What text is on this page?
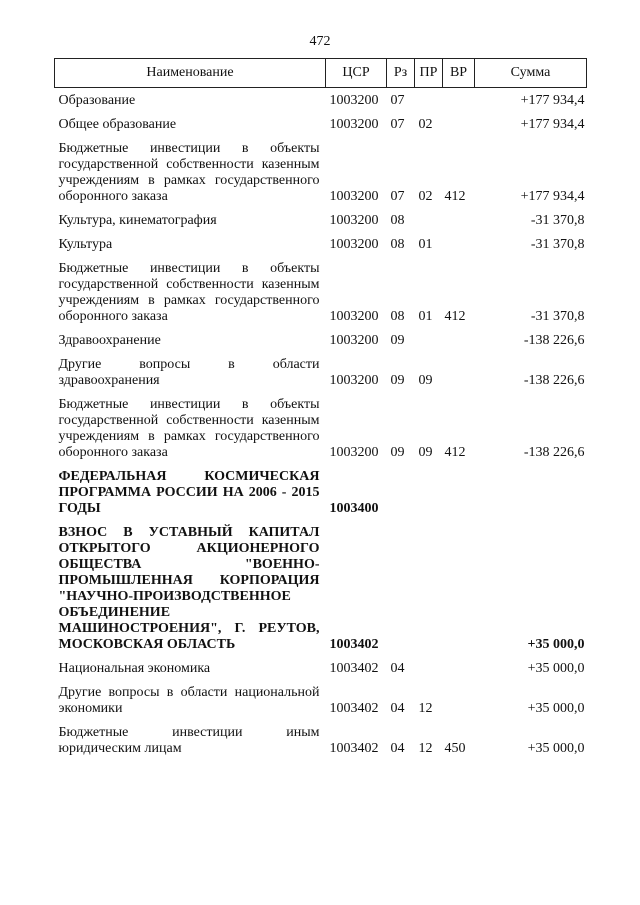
472
Наименование	ЦСР	Рз	ПР	ВР	Сумма
Образование	1003200	07			+177 934,4
Общее образование	1003200	07	02		+177 934,4
Бюджетные инвестиции в объекты государственной собственности казенным учреждениям в рамках государственного оборонного заказа	1003200	07	02	412	+177 934,4
Культура, кинематография	1003200	08			-31 370,8
Культура	1003200	08	01		-31 370,8
Бюджетные инвестиции в объекты государственной собственности казенным учреждениям в рамках государственного оборонного заказа	1003200	08	01	412	-31 370,8
Здравоохранение	1003200	09			-138 226,6
Другие вопросы в области здравоохранения	1003200	09	09		-138 226,6
Бюджетные инвестиции в объекты государственной собственности казенным учреждениям в рамках государственного оборонного заказа	1003200	09	09	412	-138 226,6
ФЕДЕРАЛЬНАЯ КОСМИЧЕСКАЯ ПРОГРАММА РОССИИ НА 2006 - 2015 ГОДЫ	1003400				
ВЗНОС В УСТАВНЫЙ КАПИТАЛ ОТКРЫТОГО АКЦИОНЕРНОГО ОБЩЕСТВА "ВОЕННО-ПРОМЫШЛЕННАЯ КОРПОРАЦИЯ "НАУЧНО-ПРОИЗВОДСТВЕННОЕ ОБЪЕДИНЕНИЕ МАШИНОСТРОЕНИЯ", Г. РЕУТОВ, МОСКОВСКАЯ ОБЛАСТЬ	1003402				+35 000,0
Национальная экономика	1003402	04			+35 000,0
Другие вопросы в области национальной экономики	1003402	04	12		+35 000,0
Бюджетные инвестиции иным юридическим лицам	1003402	04	12	450	+35 000,0
